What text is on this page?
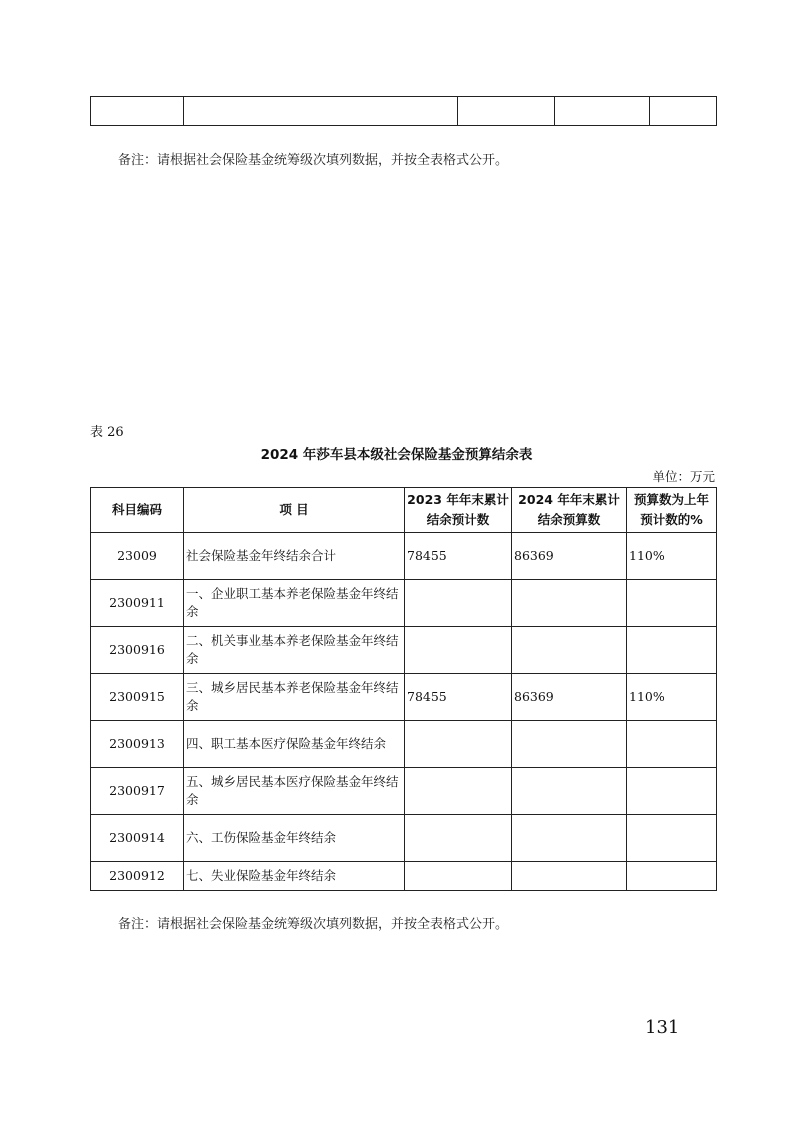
备注：请根据社会保险基金统筹级次填列数据，并按全表格式公开。
表 26
2024 年莎车县本级社会保险基金预算结余表
单位：万元
科目编码	项 目	2023 年年末累计结余预计数	2024 年年末累计结余预算数	预算数为上年预计数的%
23009	社会保险基金年终结余合计	78455	86369	110%
2300911	一、企业职工基本养老保险基金年终结余			
2300916	二、机关事业基本养老保险基金年终结余			
2300915	三、城乡居民基本养老保险基金年终结余	78455	86369	110%
2300913	四、职工基本医疗保险基金年终结余			
2300917	五、城乡居民基本医疗保险基金年终结余			
2300914	六、工伤保险基金年终结余			
2300912	七、失业保险基金年终结余			
备注：请根据社会保险基金统筹级次填列数据，并按全表格式公开。
131
